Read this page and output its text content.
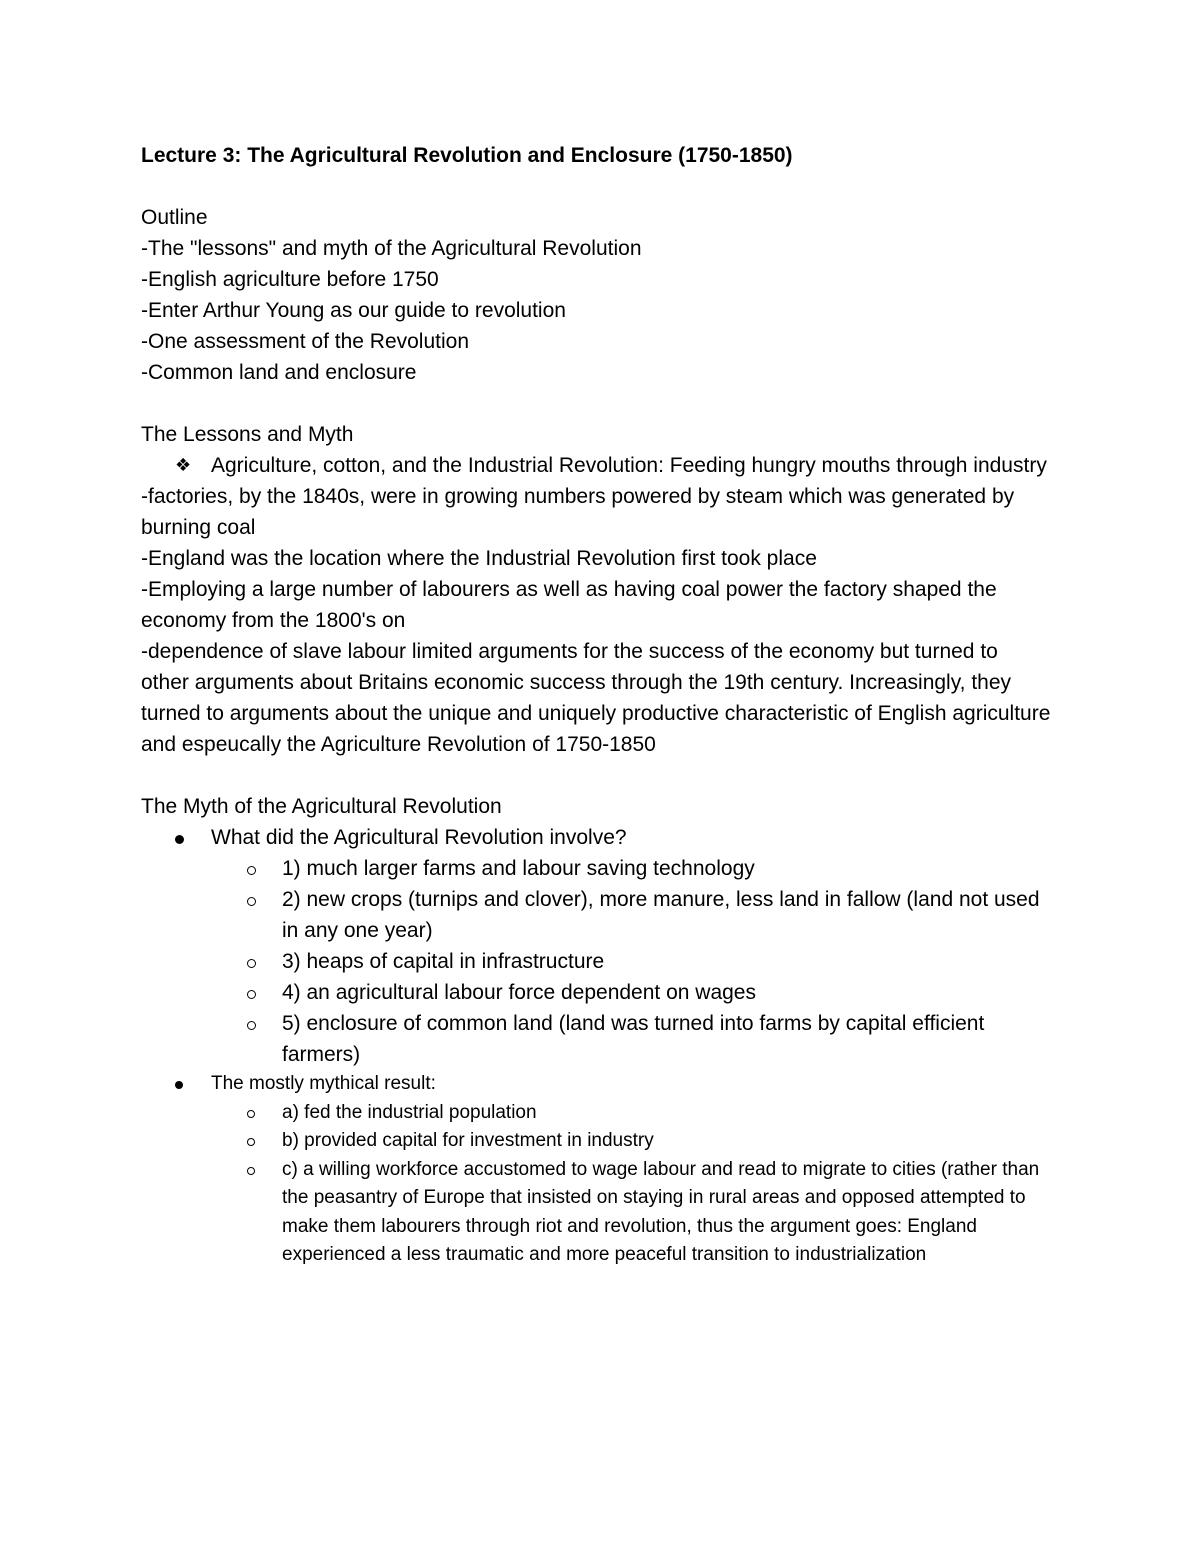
Lecture 3: The Agricultural Revolution and Enclosure (1750-1850)

Outline

-The "lessons" and myth of the Agricultural Revolution

-English agriculture before 1750

-Enter Arthur Young as our guide to revolution

-One assessment of the Revolution

-Common land and enclosure

The Lessons and Myth

❖ Agriculture, cotton, and the Industrial Revolution: Feeding hungry mouths through industry

-factories, by the 1840s, were in growing numbers powered by steam which was generated by burning coal

-England was the location where the Industrial Revolution first took place

-Employing a large number of labourers as well as having coal power the factory shaped the economy from the 1800's on

-dependence of slave labour limited arguments for the success of the economy but turned to other arguments about Britains economic success through the 19th century. Increasingly, they turned to arguments about the unique and uniquely productive characteristic of English agriculture and espeucally the Agriculture Revolution of 1750-1850

The Myth of the Agricultural Revolution

What did the Agricultural Revolution involve?
1) much larger farms and labour saving technology
2) new crops (turnips and clover), more manure, less land in fallow (land not used in any one year)
3) heaps of capital in infrastructure
4) an agricultural labour force dependent on wages
5) enclosure of common land (land was turned into farms by capital efficient farmers)
The mostly mythical result:
a) fed the industrial population
b) provided capital for investment in industry
c) a willing workforce accustomed to wage labour and read to migrate to cities (rather than the peasantry of Europe that insisted on staying in rural areas and opposed attempted to make them labourers through riot and revolution, thus the argument goes: England experienced a less traumatic and more peaceful transition to industrialization
